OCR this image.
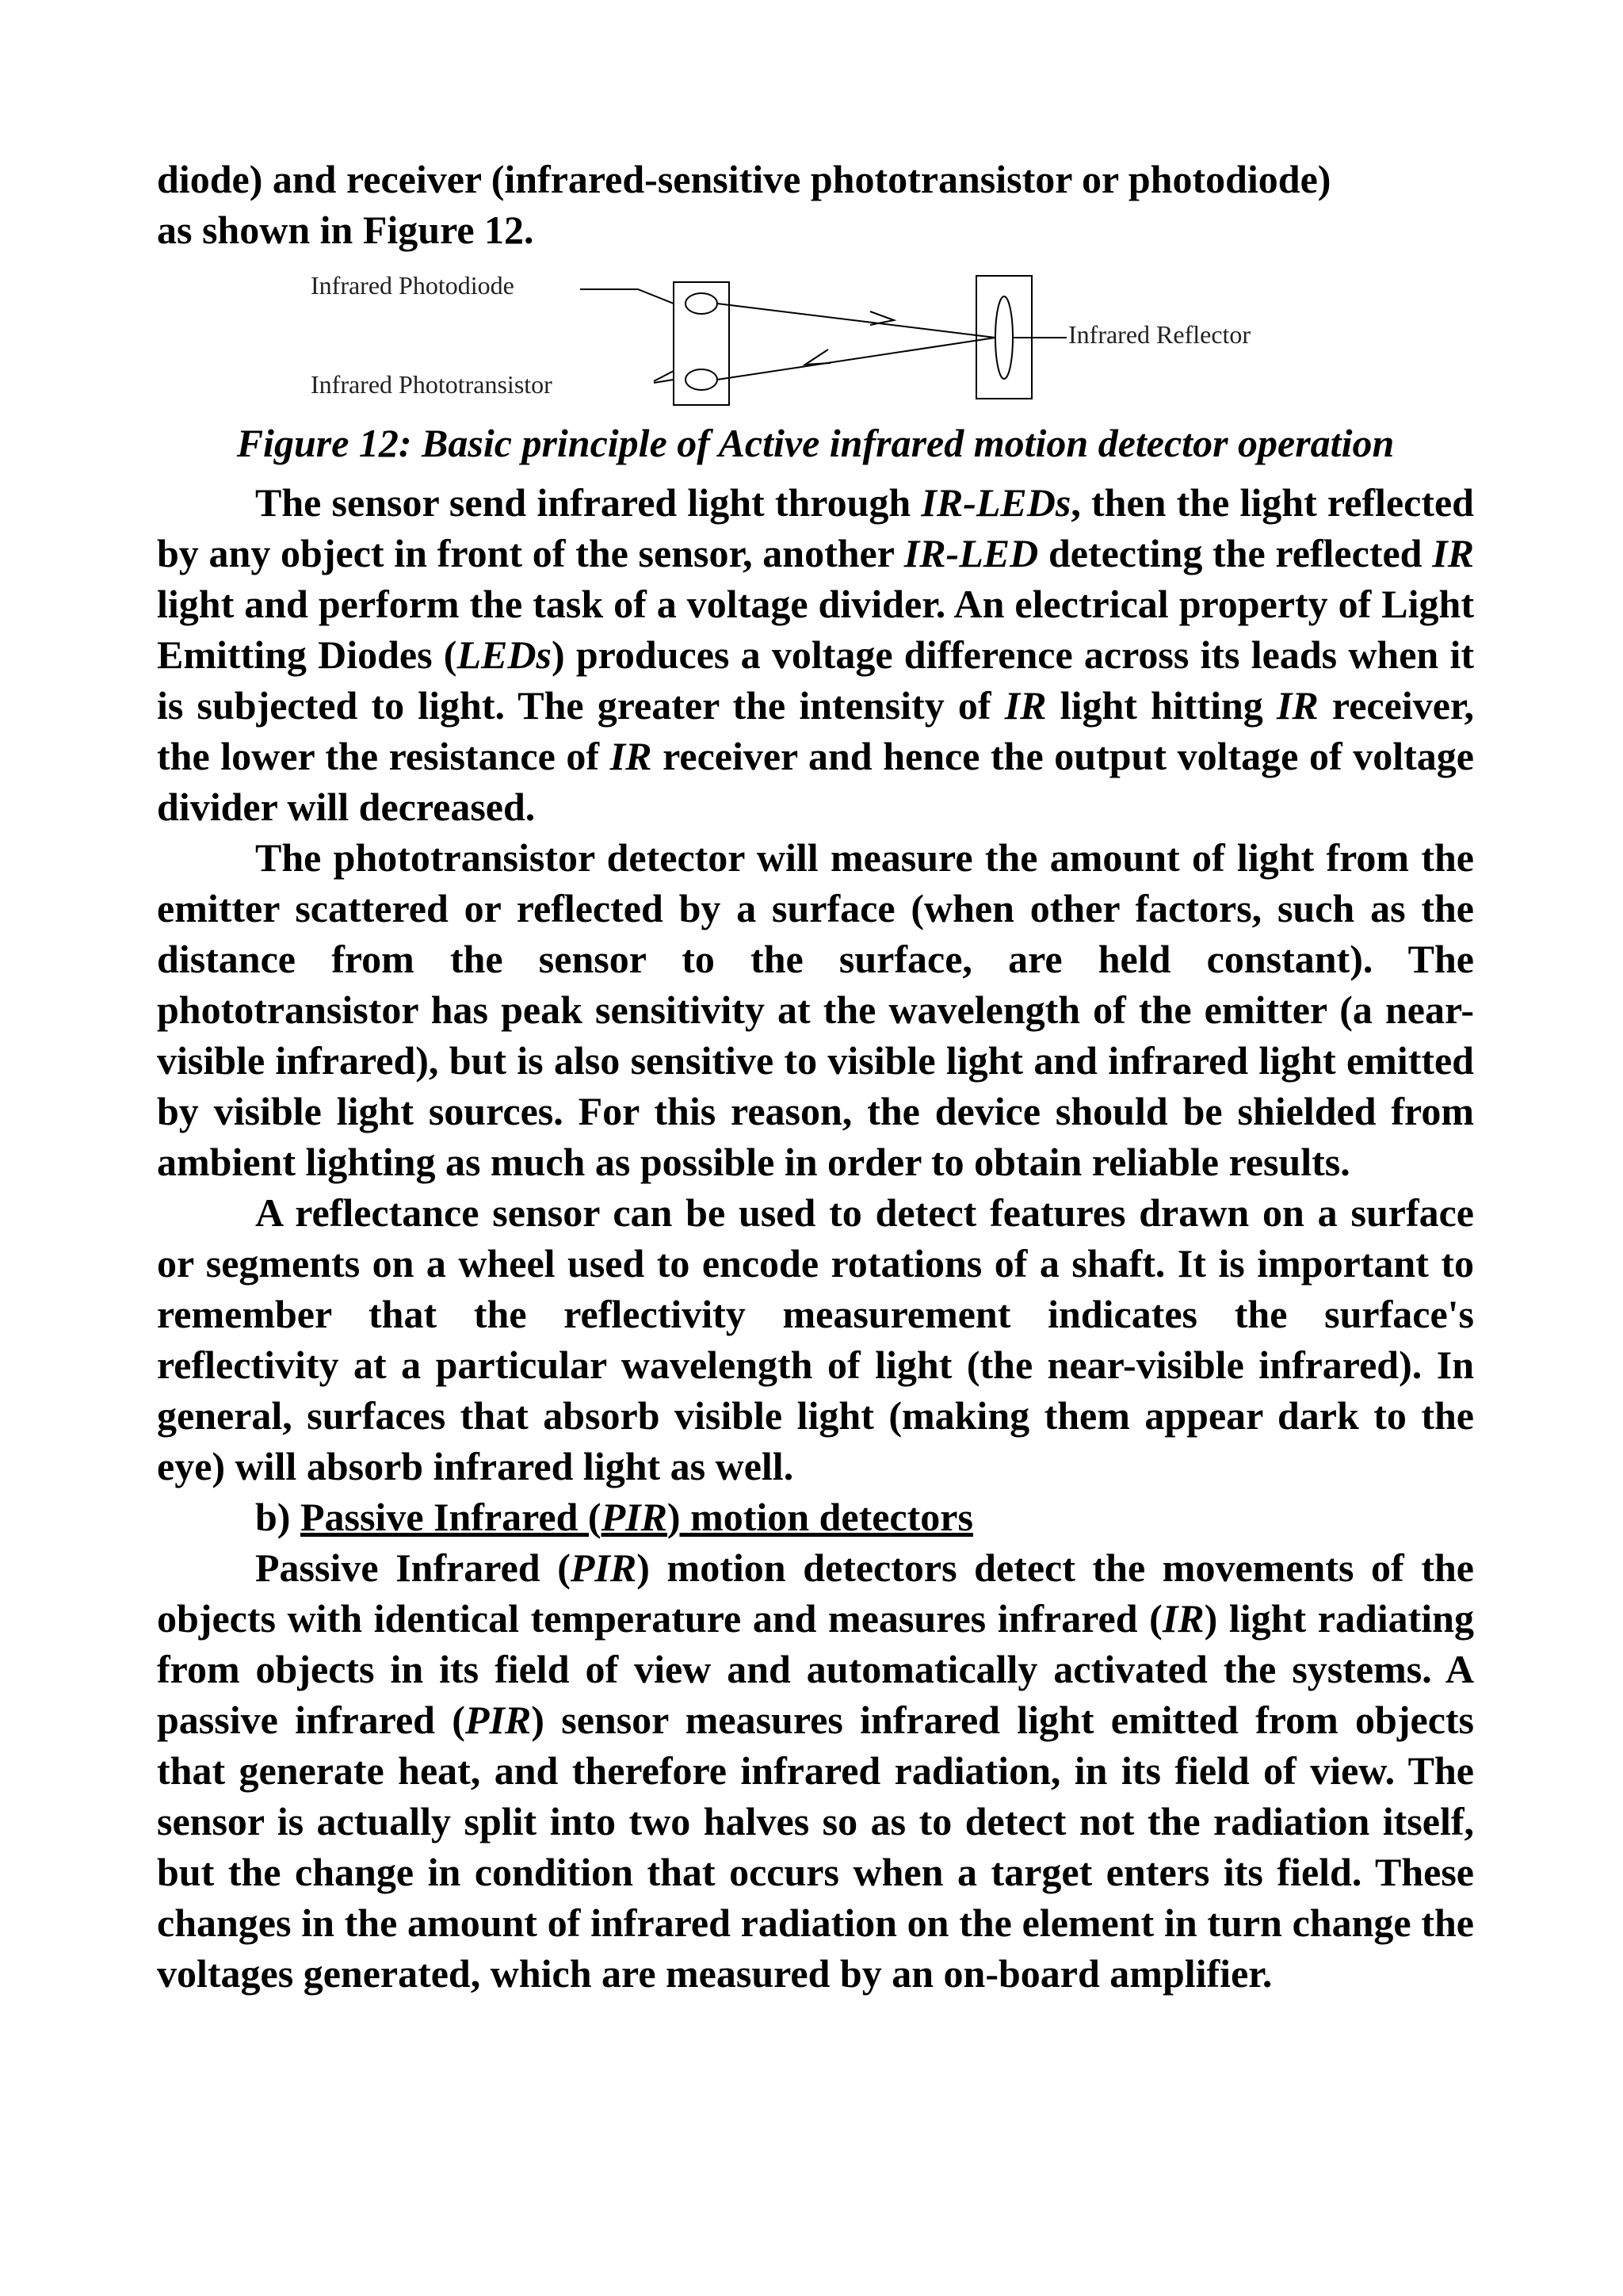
diode) and receiver (infrared-sensitive phototransistor or photodiode)

as shown in Figure 12.

Infrared Photodiode
Infrared Phototransistor
Infrared Reflector

Figure 12: Basic principle of Active infrared motion detector operation

The sensor send infrared light through IR-LEDs, then the light reflected by any object in front of the sensor, another IR-LED detecting the reflected IR light and perform the task of a voltage divider. An electrical property of Light Emitting Diodes (LEDs) produces a voltage difference across its leads when it is subjected to light. The greater the intensity of IR light hitting IR receiver, the lower the resistance of IR receiver and hence the output voltage of voltage divider will decreased.

The phototransistor detector will measure the amount of light from the emitter scattered or reflected by a surface (when other factors, such as the distance from the sensor to the surface, are held constant). The phototransistor has peak sensitivity at the wavelength of the emitter (a near-visible infrared), but is also sensitive to visible light and infrared light emitted by visible light sources. For this reason, the device should be shielded from ambient lighting as much as possible in order to obtain reliable results.

A reflectance sensor can be used to detect features drawn on a surface or segments on a wheel used to encode rotations of a shaft. It is important to remember that the reflectivity measurement indicates the surface's reflectivity at a particular wavelength of light (the near-visible infrared). In general, surfaces that absorb visible light (making them appear dark to the eye) will absorb infrared light as well.

b) Passive Infrared (PIR) motion detectors

Passive Infrared (PIR) motion detectors detect the movements of the objects with identical temperature and measures infrared (IR) light radiating from objects in its field of view and automatically activated the systems. A passive infrared (PIR) sensor measures infrared light emitted from objects that generate heat, and therefore infrared radiation, in its field of view. The sensor is actually split into two halves so as to detect not the radiation itself, but the change in condition that occurs when a target enters its field. These changes in the amount of infrared radiation on the element in turn change the voltages generated, which are measured by an on-board amplifier.
